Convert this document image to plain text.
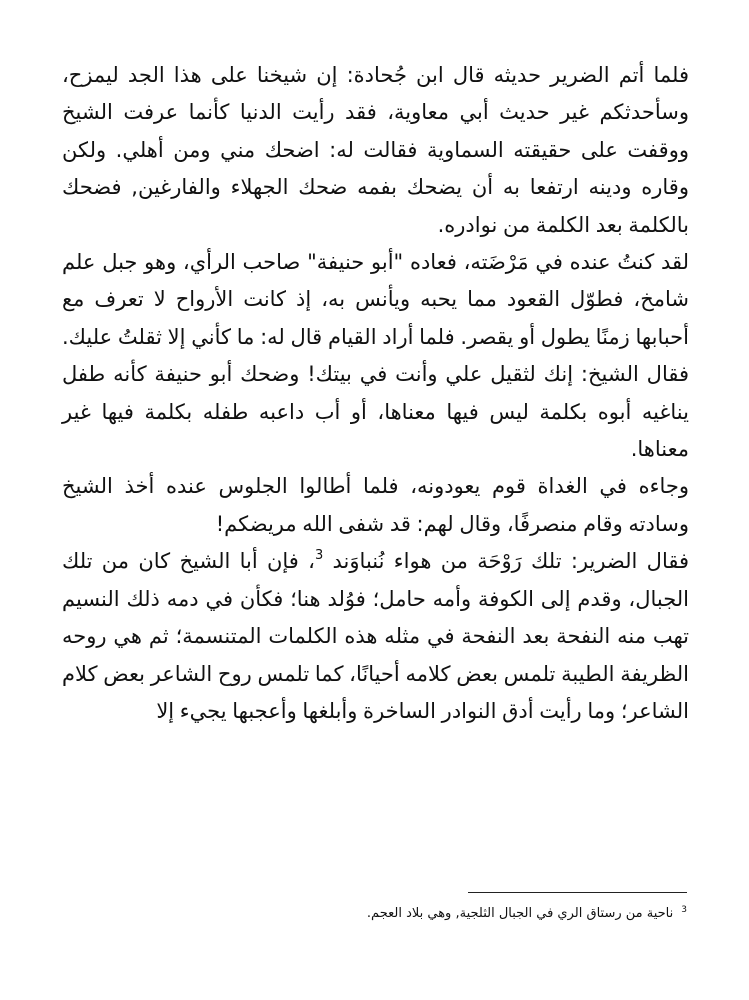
فلما أتم الضرير حديثه قال ابن جُحادة: إن شيخنا على هذا الجد ليمزح، وسأحدثكم غير حديث أبي معاوية، فقد رأيت الدنيا كأنما عرفت الشيخ ووقفت على حقيقته السماوية فقالت له: اضحك مني ومن أهلي. ولكن وقاره ودينه ارتفعا به أن يضحك بفمه ضحك الجهلاء والفارغين, فضحك بالكلمة بعد الكلمة من نوادره.

لقد كنتُ عنده في مَرْضَته، فعاده "أبو حنيفة" صاحب الرأي، وهو جبل علم شامخ، فطوّل القعود مما يحبه ويأنس به، إذ كانت الأرواح لا تعرف مع أحبابها زمنًا يطول أو يقصر. فلما أراد القيام قال له: ما كأني إلا ثقلتُ عليك. فقال الشيخ: إنك لثقيل علي وأنت في بيتك! وضحك أبو حنيفة كأنه طفل يناغيه أبوه بكلمة ليس فيها معناها، أو أب داعبه طفله بكلمة فيها غير معناها.

وجاءه في الغداة قوم يعودونه، فلما أطالوا الجلوس عنده أخذ الشيخ وسادته وقام منصرفًا، وقال لهم: قد شفى الله مريضكم!

فقال الضرير: تلك رَوْحَة من هواء نُنباوَند $^3$، فإن أبا الشيخ كان من تلك الجبال، وقدم إلى الكوفة وأمه حامل؛ فوُلد هنا؛ فكأن في دمه ذلك النسيم تهب منه النفحة بعد النفحة في مثله هذه الكلمات المتنسمة؛ ثم هي روحه الظريفة الطيبة تلمس بعض كلامه أحيانًا، كما تلمس روح الشاعر بعض كلام الشاعر؛ وما رأيت أدق النوادر الساخرة وأبلغها وأعجبها يجيء إلا

$^3$ناحية من رستاق الري في الجبال الثلجية, وهي بلاد العجم.
